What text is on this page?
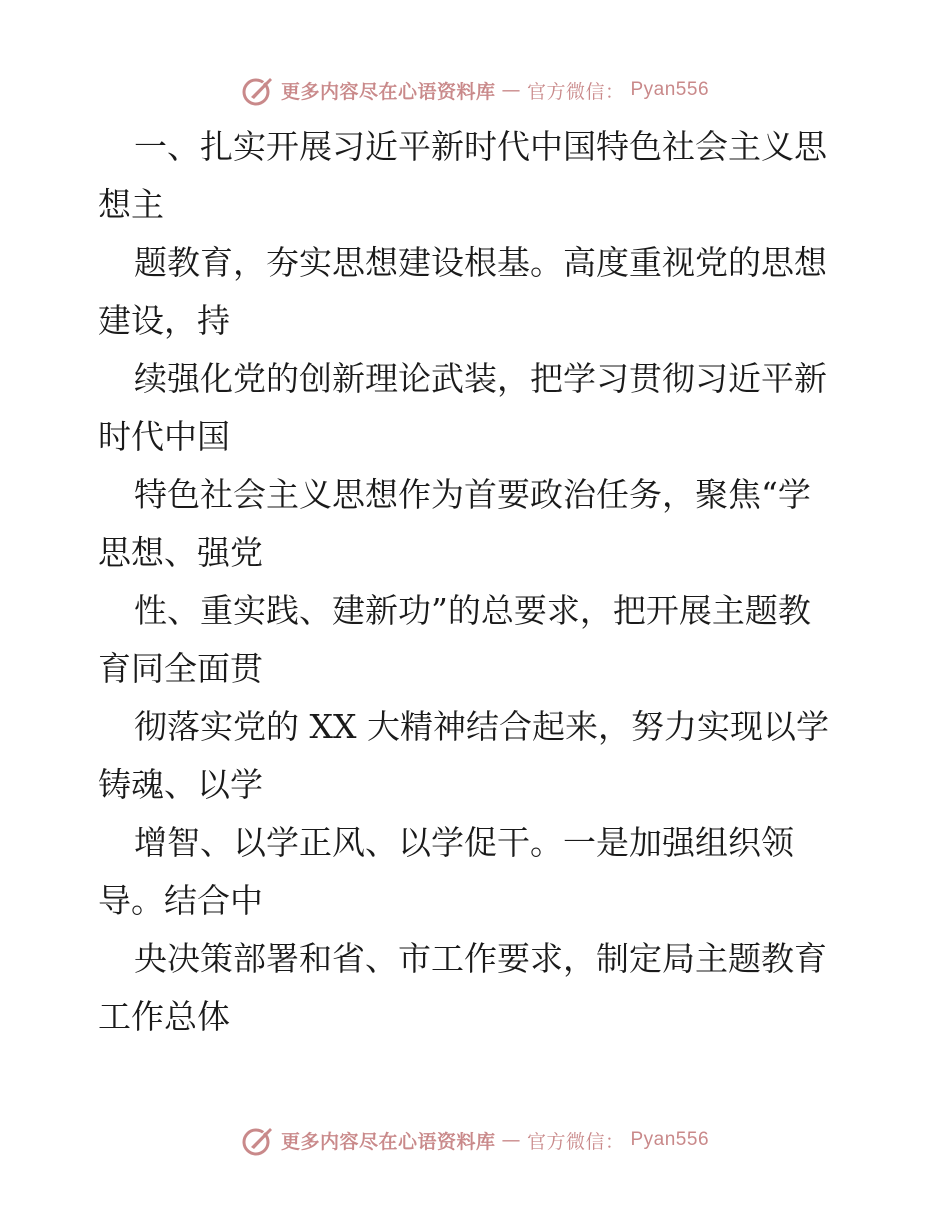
更多内容尽在心语资料库 — 官方微信： Pyan556

一、扎实开展习近平新时代中国特色社会主义思
想主

题教育，夯实思想建设根基。高度重视党的思想
建设，持

续强化党的创新理论武装，把学习贯彻习近平新
时代中国

特色社会主义思想作为首要政治任务，聚焦“学
思想、强党

性、重实践、建新功”的总要求，把开展主题教
育同全面贯

彻落实党的 XX 大精神结合起来，努力实现以学
铸魂、以学

增智、以学正风、以学促干。一是加强组织领
导。结合中

央决策部署和省、市工作要求，制定局主题教育
工作总体

更多内容尽在心语资料库 — 官方微信： Pyan556
